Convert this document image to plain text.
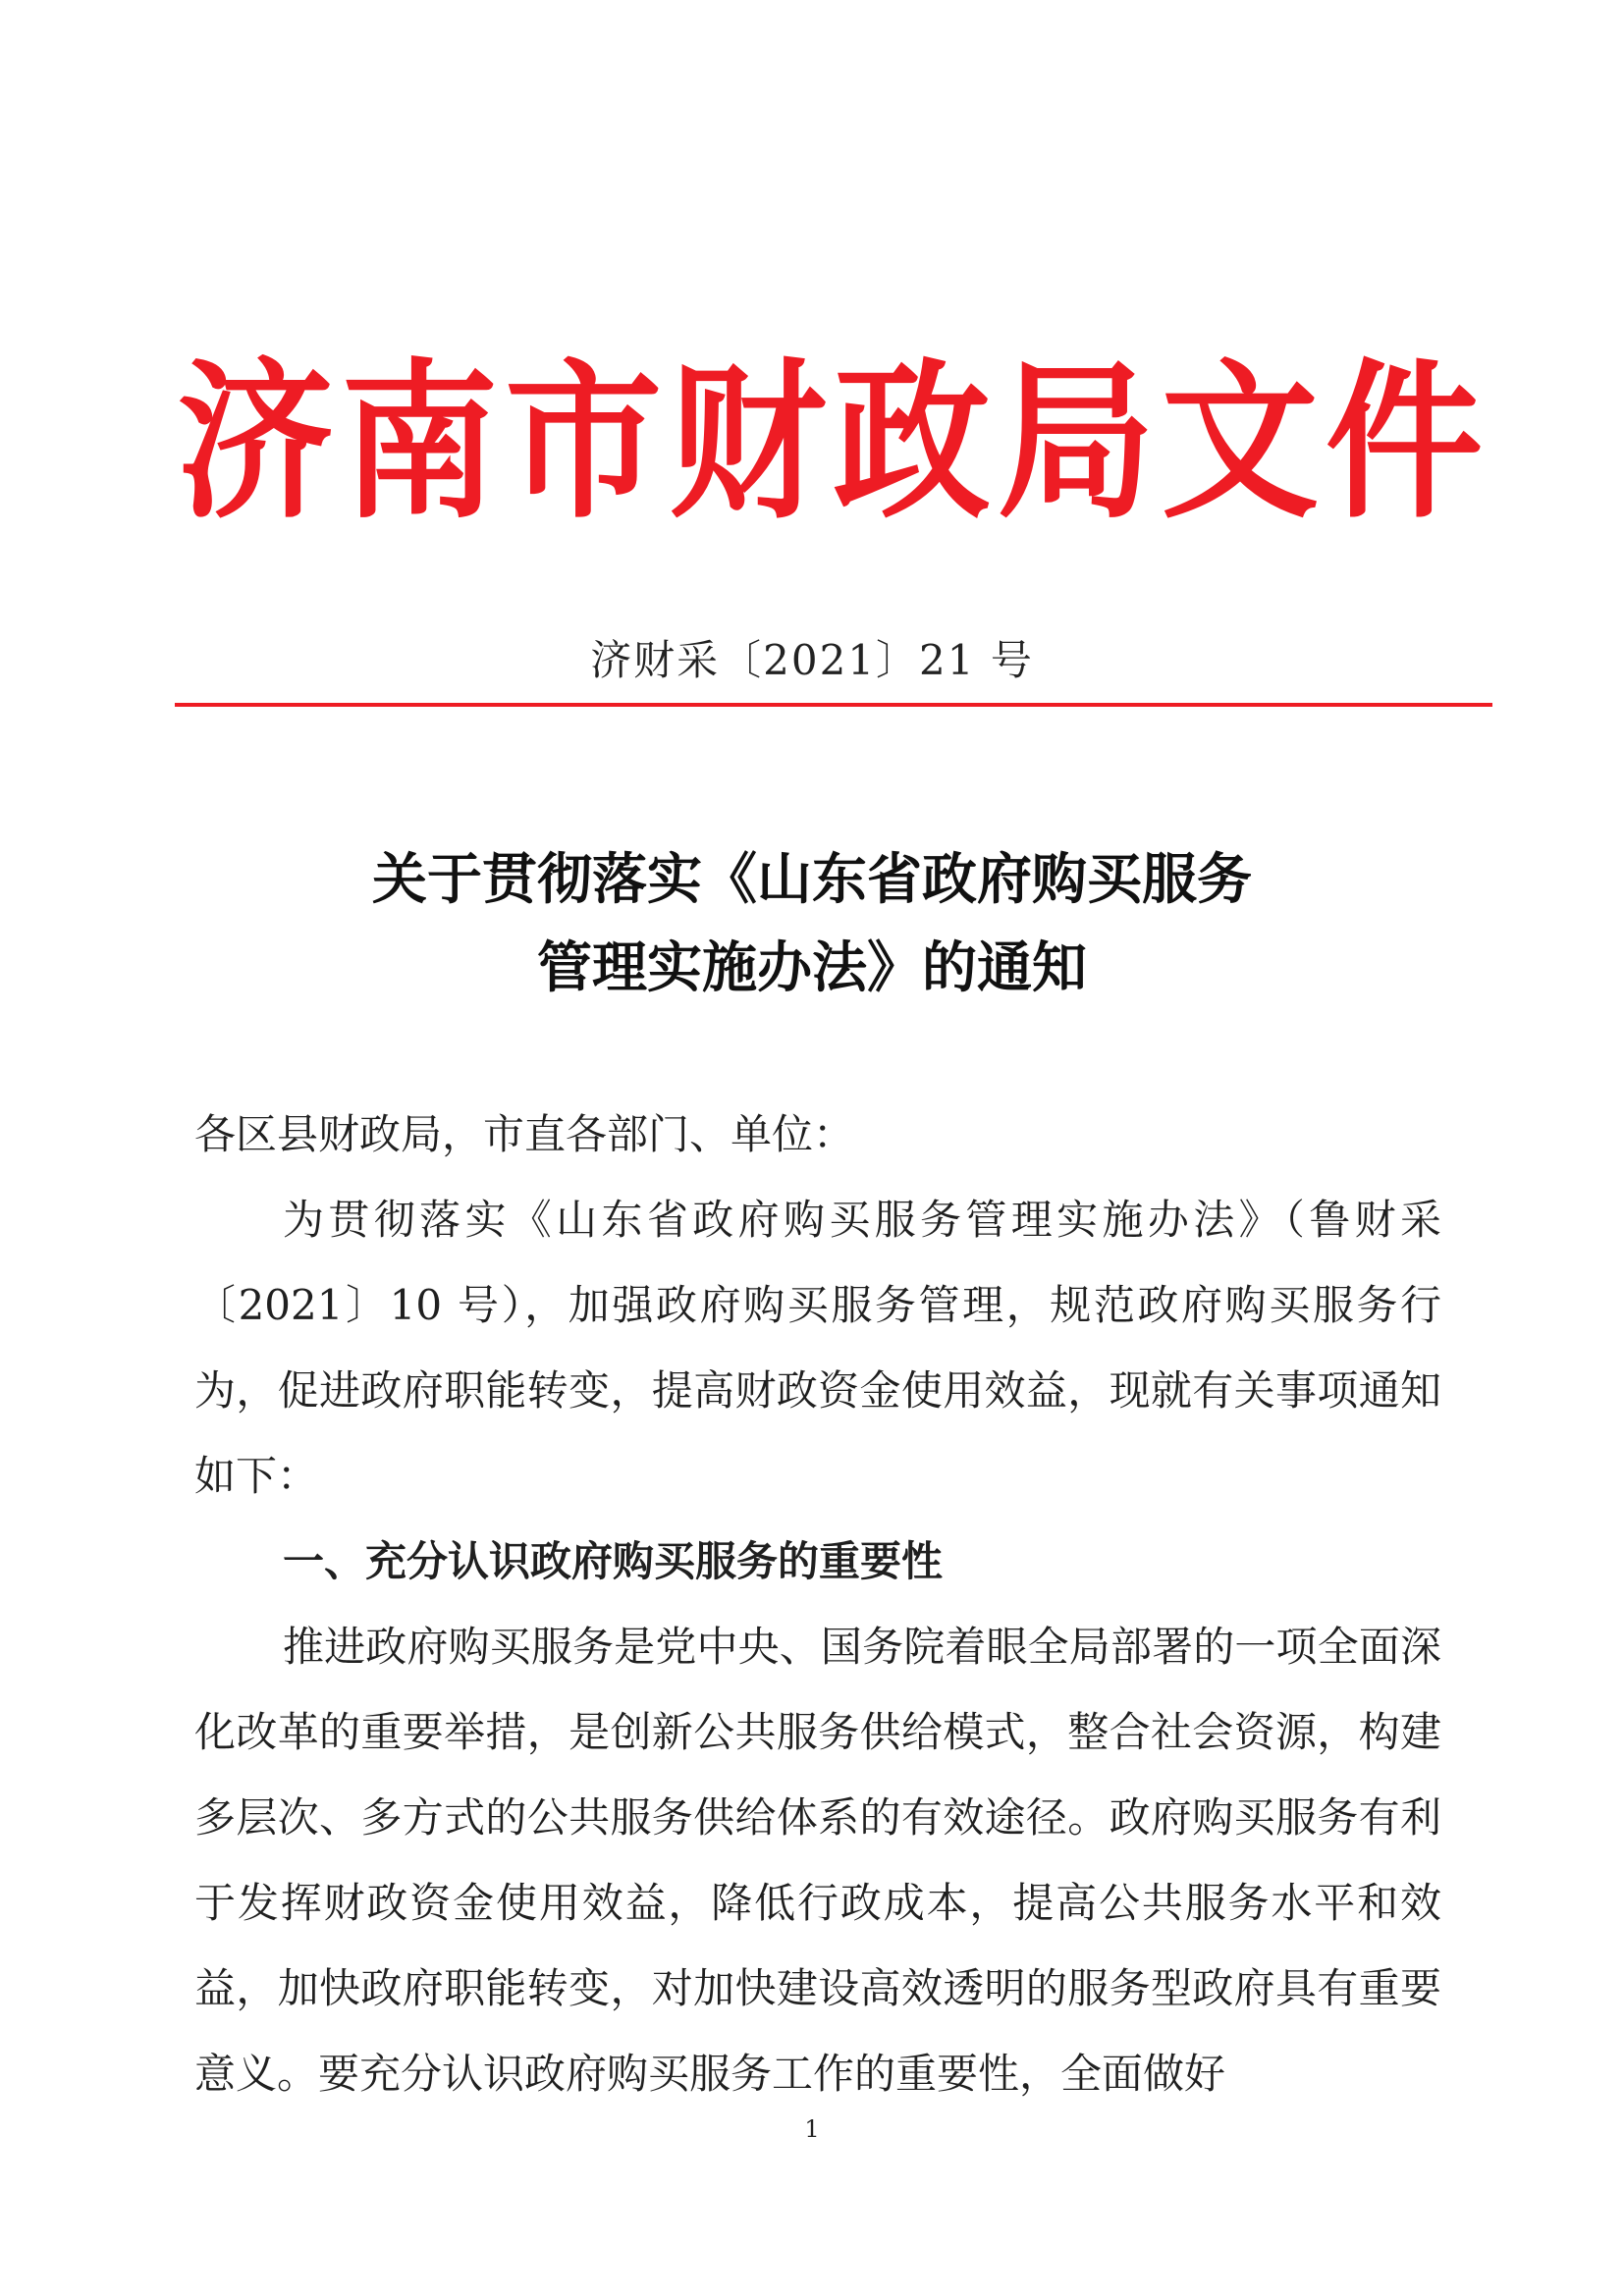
济 南 市 财 政 局 文 件
济财采〔2021〕21 号
关于贯彻落实《山东省政府购买服务
管理实施办法》的通知

各区县财政局，市直各部门、单位：

为贯彻落实《山东省政府购买服务管理实施办法》（鲁财采〔2021〕10 号），加强政府购买服务管理，规范政府购买服务行为，促进政府职能转变，提高财政资金使用效益，现就有关事项通知如下：

一、充分认识政府购买服务的重要性

推进政府购买服务是党中央、国务院着眼全局部署的一项全面深化改革的重要举措，是创新公共服务供给模式，整合社会资源，构建多层次、多方式的公共服务供给体系的有效途径。政府购买服务有利于发挥财政资金使用效益，降低行政成本，提高公共服务水平和效益，加快政府职能转变，对加快建设高效透明的服务型政府具有重要意义。要充分认识政府购买服务工作的重要性，全面做好

1
